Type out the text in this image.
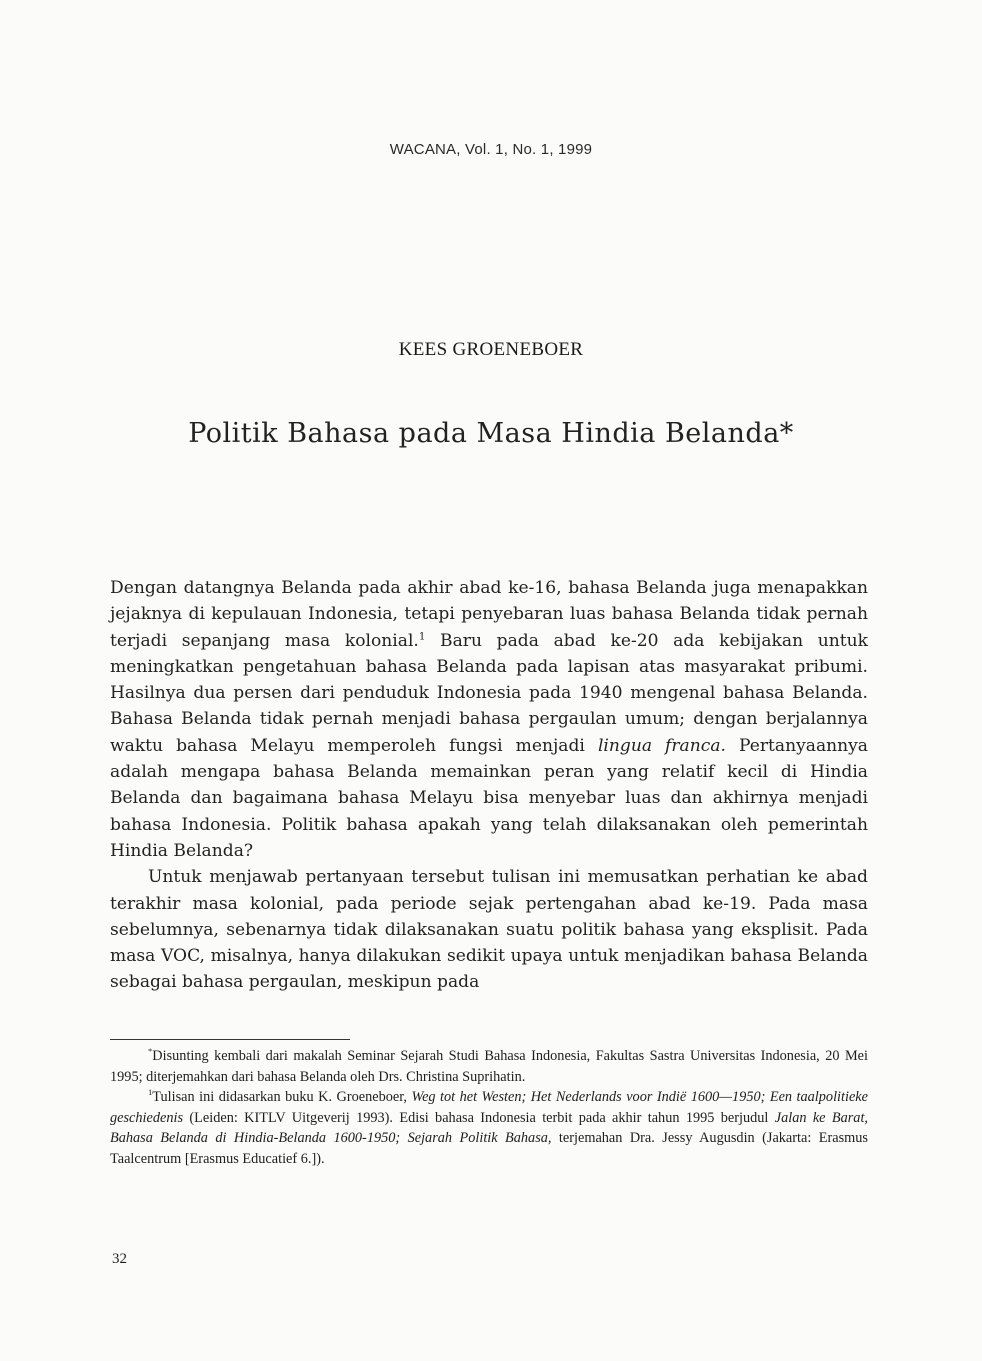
WACANA, Vol. 1, No. 1, 1999
KEES GROENEBOER
Politik Bahasa pada Masa Hindia Belanda*

Dengan datangnya Belanda pada akhir abad ke-16, bahasa Belanda juga menapakkan jejaknya di kepulauan Indonesia, tetapi penyebaran luas bahasa Belanda tidak pernah terjadi sepanjang masa kolonial.$^1$ Baru pada abad ke-20 ada kebijakan untuk meningkatkan pengetahuan bahasa Belanda pada lapisan atas masyarakat pribumi. Hasilnya dua persen dari penduduk Indonesia pada 1940 mengenal bahasa Belanda. Bahasa Belanda tidak pernah menjadi bahasa pergaulan umum; dengan berjalannya waktu bahasa Melayu memperoleh fungsi menjadi lingua franca. Pertanyaannya adalah mengapa bahasa Belanda memainkan peran yang relatif kecil di Hindia Belanda dan bagaimana bahasa Melayu bisa menyebar luas dan akhirnya menjadi bahasa Indonesia. Politik bahasa apakah yang telah dilaksanakan oleh pemerintah Hindia Belanda?

Untuk menjawab pertanyaan tersebut tulisan ini memusatkan perhatian ke abad terakhir masa kolonial, pada periode sejak pertengahan abad ke-19. Pada masa sebelumnya, sebenarnya tidak dilaksanakan suatu politik bahasa yang eksplisit. Pada masa VOC, misalnya, hanya dilakukan sedikit upaya untuk menjadikan bahasa Belanda sebagai bahasa pergaulan, meskipun pada

*Disunting kembali dari makalah Seminar Sejarah Studi Bahasa Indonesia, Fakultas Sastra Universitas Indonesia, 20 Mei 1995; diterjemahkan dari bahasa Belanda oleh Drs. Christina Suprihatin.

$^1$Tulisan ini didasarkan buku K. Groeneboer, Weg tot het Westen; Het Nederlands voor Indië 1600—1950; Een taalpolitieke geschiedenis (Leiden: KITLV Uitgeverij 1993). Edisi bahasa Indonesia terbit pada akhir tahun 1995 berjudul Jalan ke Barat, Bahasa Belanda di Hindia-Belanda 1600-1950; Sejarah Politik Bahasa, terjemahan Dra. Jessy Augusdin (Jakarta: Erasmus Taalcentrum [Erasmus Educatief 6.]).

32
